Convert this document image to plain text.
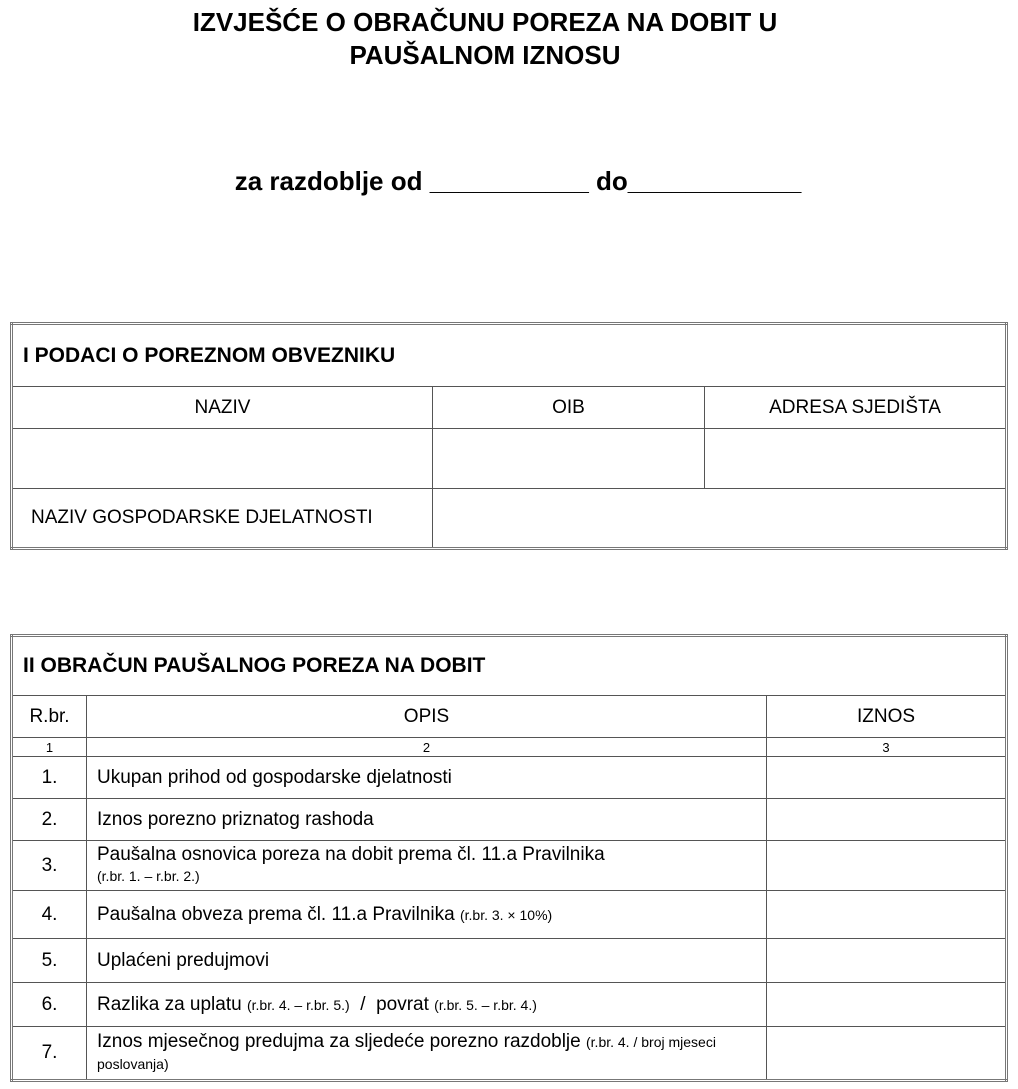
IZVJEŠĆE O OBRAČUNU POREZA NA DOBIT U
PAUŠALNOM IZNOSU
za razdoblje od ___________ do____________
I PODACI O POREZNOM OBVEZNIKU		
NAZIV	OIB	ADRESA SJEDIŠTA

NAZIV GOSPODARSKE DJELATNOSTI		
II OBRAČUN PAUŠALNOG POREZA NA DOBIT		
R.br.	OPIS	IZNOS
1	2	3
1.	Ukupan prihod od gospodarske djelatnosti	
2.	Iznos porezno priznatog rashoda	
3.	Paušalna osnovica poreza na dobit prema čl. 11.a Pravilnika
(r.br. 1. – r.br. 2.)	
4.	Paušalna obveza prema čl. 11.a Pravilnika (r.br. 3. × 10%)	
5.	Uplaćeni predujmovi	
6.	Razlika za uplatu (r.br. 4. – r.br. 5.)  /  povrat (r.br. 5. – r.br. 4.)	
7.	Iznos mjesečnog predujma za sljedeće porezno razdoblje (r.br. 4. / broj mjeseci poslovanja)	
